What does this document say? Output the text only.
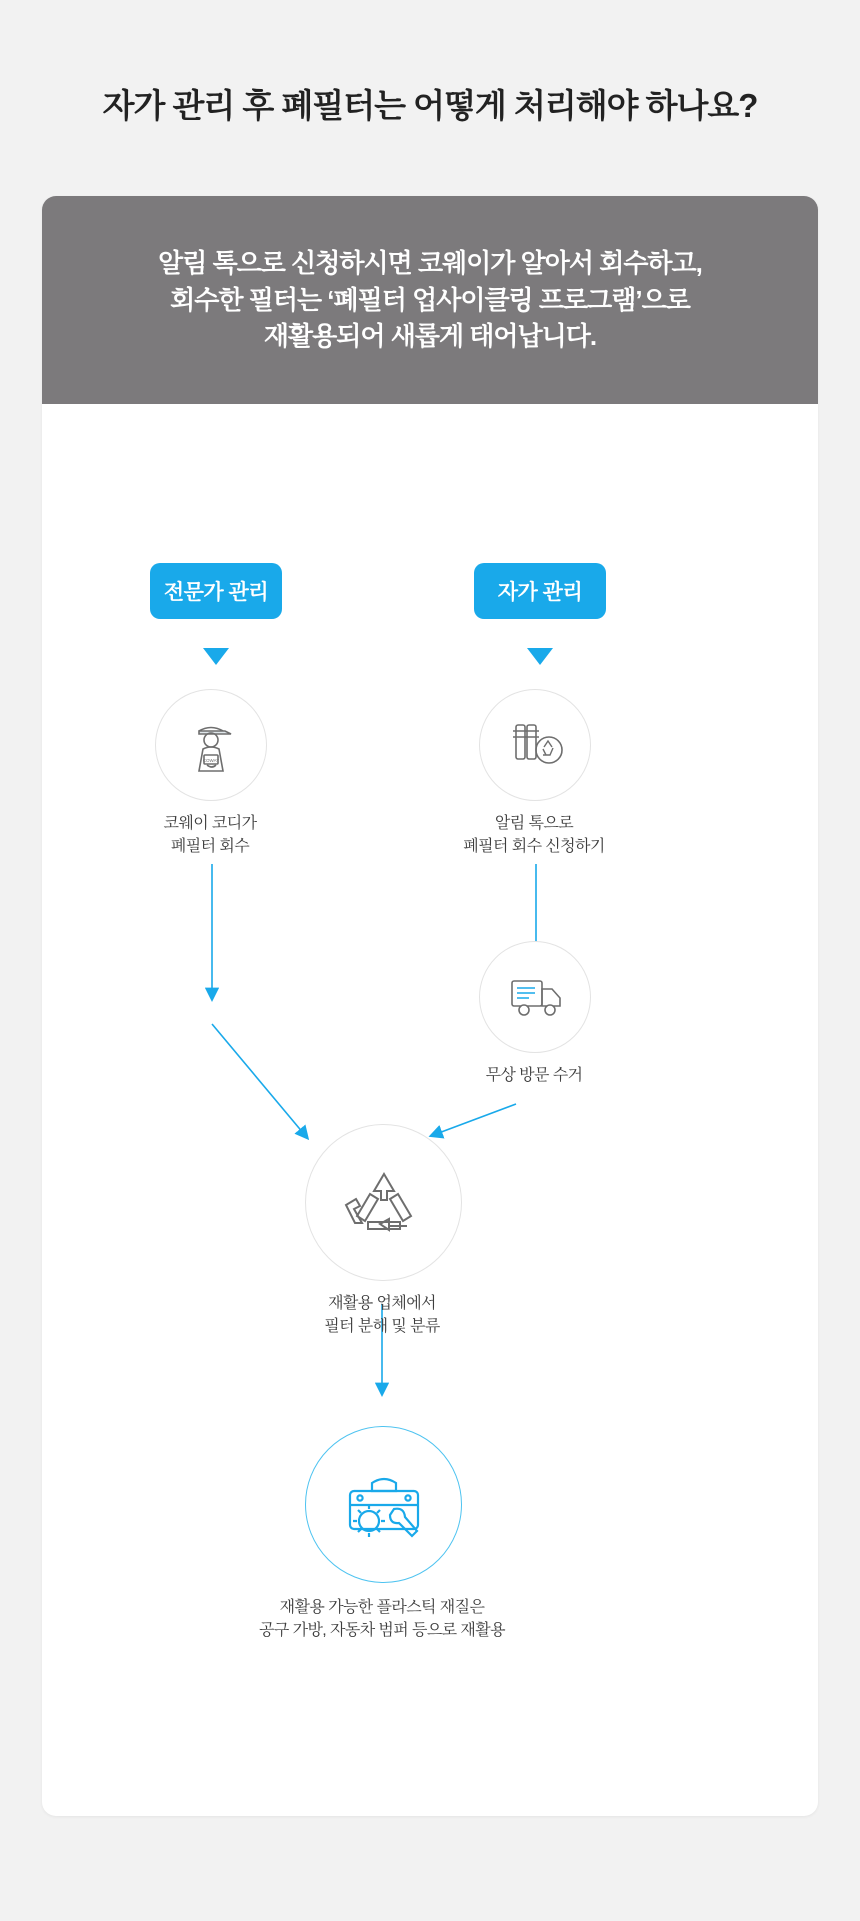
자가 관리 후 폐필터는 어떻게 처리해야 하나요?
알림 톡으로 신청하시면 코웨이가 알아서 회수하고,
회수한 필터는 ‘폐필터 업사이클링 프로그램’으로
재활용되어 새롭게 태어납니다.
전문가 관리	자가 관리
COWAY
코웨이 코디가
폐필터 회수
알림 톡으로
폐필터 회수 신청하기
무상 방문 수거
재활용 업체에서
필터 분해 및 분류
재활용 가능한 플라스틱 재질은
공구 가방, 자동차 범퍼 등으로 재활용
